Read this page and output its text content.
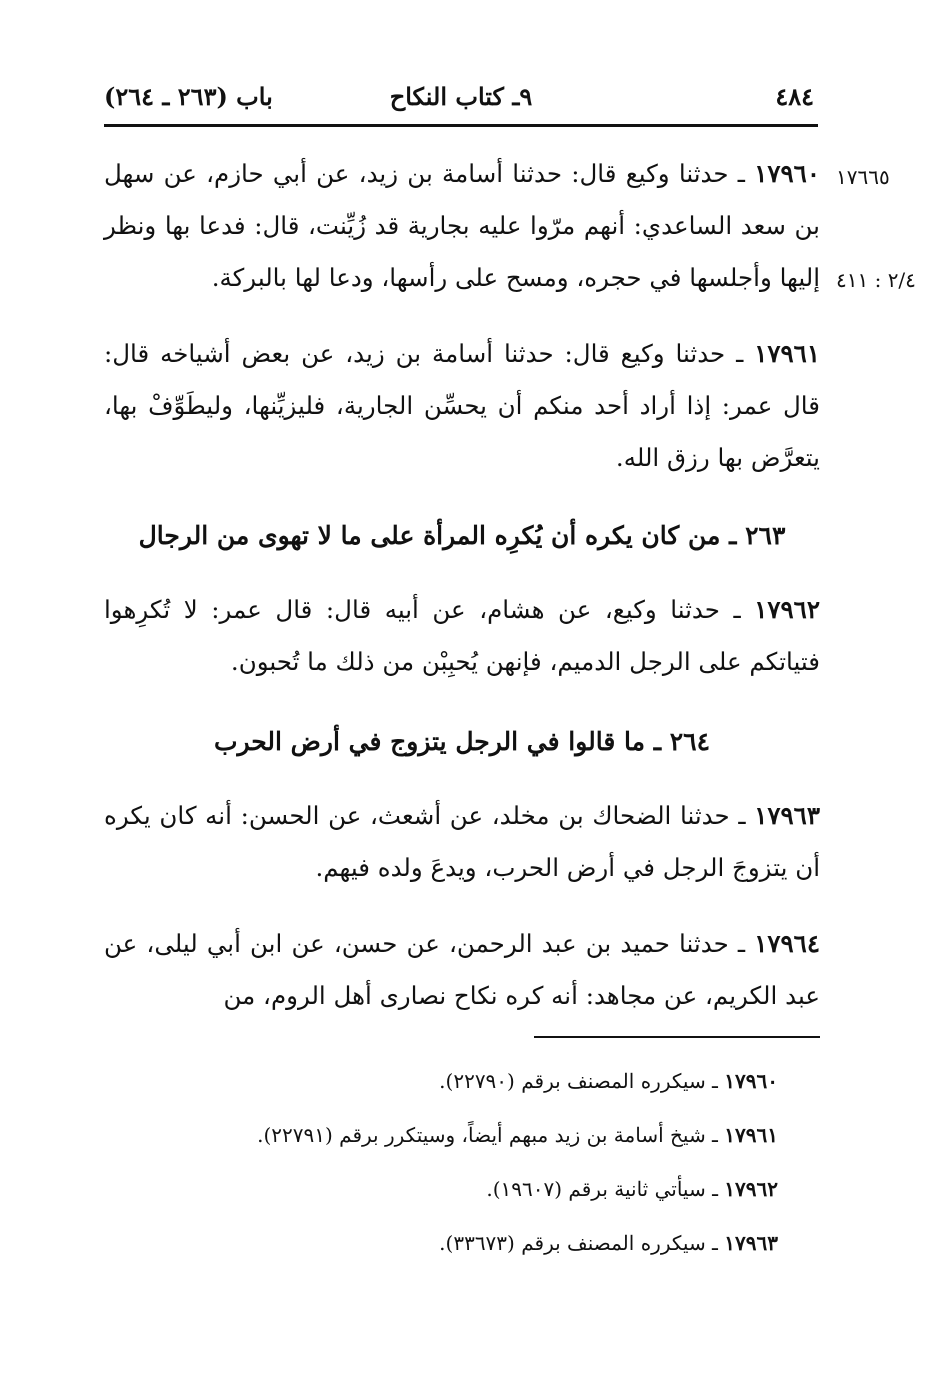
٤٨٤
٩ـ كتاب النكاح
باب (٢٦٣ ـ ٢٦٤)
١٧٦٦٥
٢/٤ : ٤١١

١٧٩٦٠ ـ حدثنا وكيع قال: حدثنا أسامة بن زيد، عن أبي حازم، عن سهل بن سعد الساعدي: أنهم مرّوا عليه بجارية قد زُيِّنت، قال: فدعا بها ونظر إليها وأجلسها في حجره، ومسح على رأسها، ودعا لها بالبركة.

١٧٩٦١ ـ حدثنا وكيع قال: حدثنا أسامة بن زيد، عن بعض أشياخه قال: قال عمر: إذا أراد أحد منكم أن يحسِّن الجارية، فليزيِّنها، وليطَوِّفْ بها، يتعرَّض بها رزق الله.

٢٦٣ ـ من كان يكره أن يُكرِه المرأة على ما لا تهوى من الرجال

١٧٩٦٢ ـ حدثنا وكيع، عن هشام، عن أبيه قال: قال عمر: لا تُكرِهوا فتياتكم على الرجل الدميم، فإنهن يُحبِبْن من ذلك ما تُحبون.

٢٦٤ ـ ما قالوا في الرجل يتزوج في أرض الحرب

١٧٩٦٣ ـ حدثنا الضحاك بن مخلد، عن أشعث، عن الحسن: أنه كان يكره أن يتزوجَ الرجل في أرض الحرب، ويدعَ ولده فيهم.

١٧٩٦٤ ـ حدثنا حميد بن عبد الرحمن، عن حسن، عن ابن أبي ليلى، عن عبد الكريم، عن مجاهد: أنه كره نكاح نصارى أهل الروم، من

١٧٩٦٠ ـ سيكرره المصنف برقم (٢٢٧٩٠).
١٧٩٦١ ـ شيخ أسامة بن زيد مبهم أيضاً، وسيتكرر برقم (٢٢٧٩١).
١٧٩٦٢ ـ سيأتي ثانية برقم (١٩٦٠٧).
١٧٩٦٣ ـ سيكرره المصنف برقم (٣٣٦٧٣).
